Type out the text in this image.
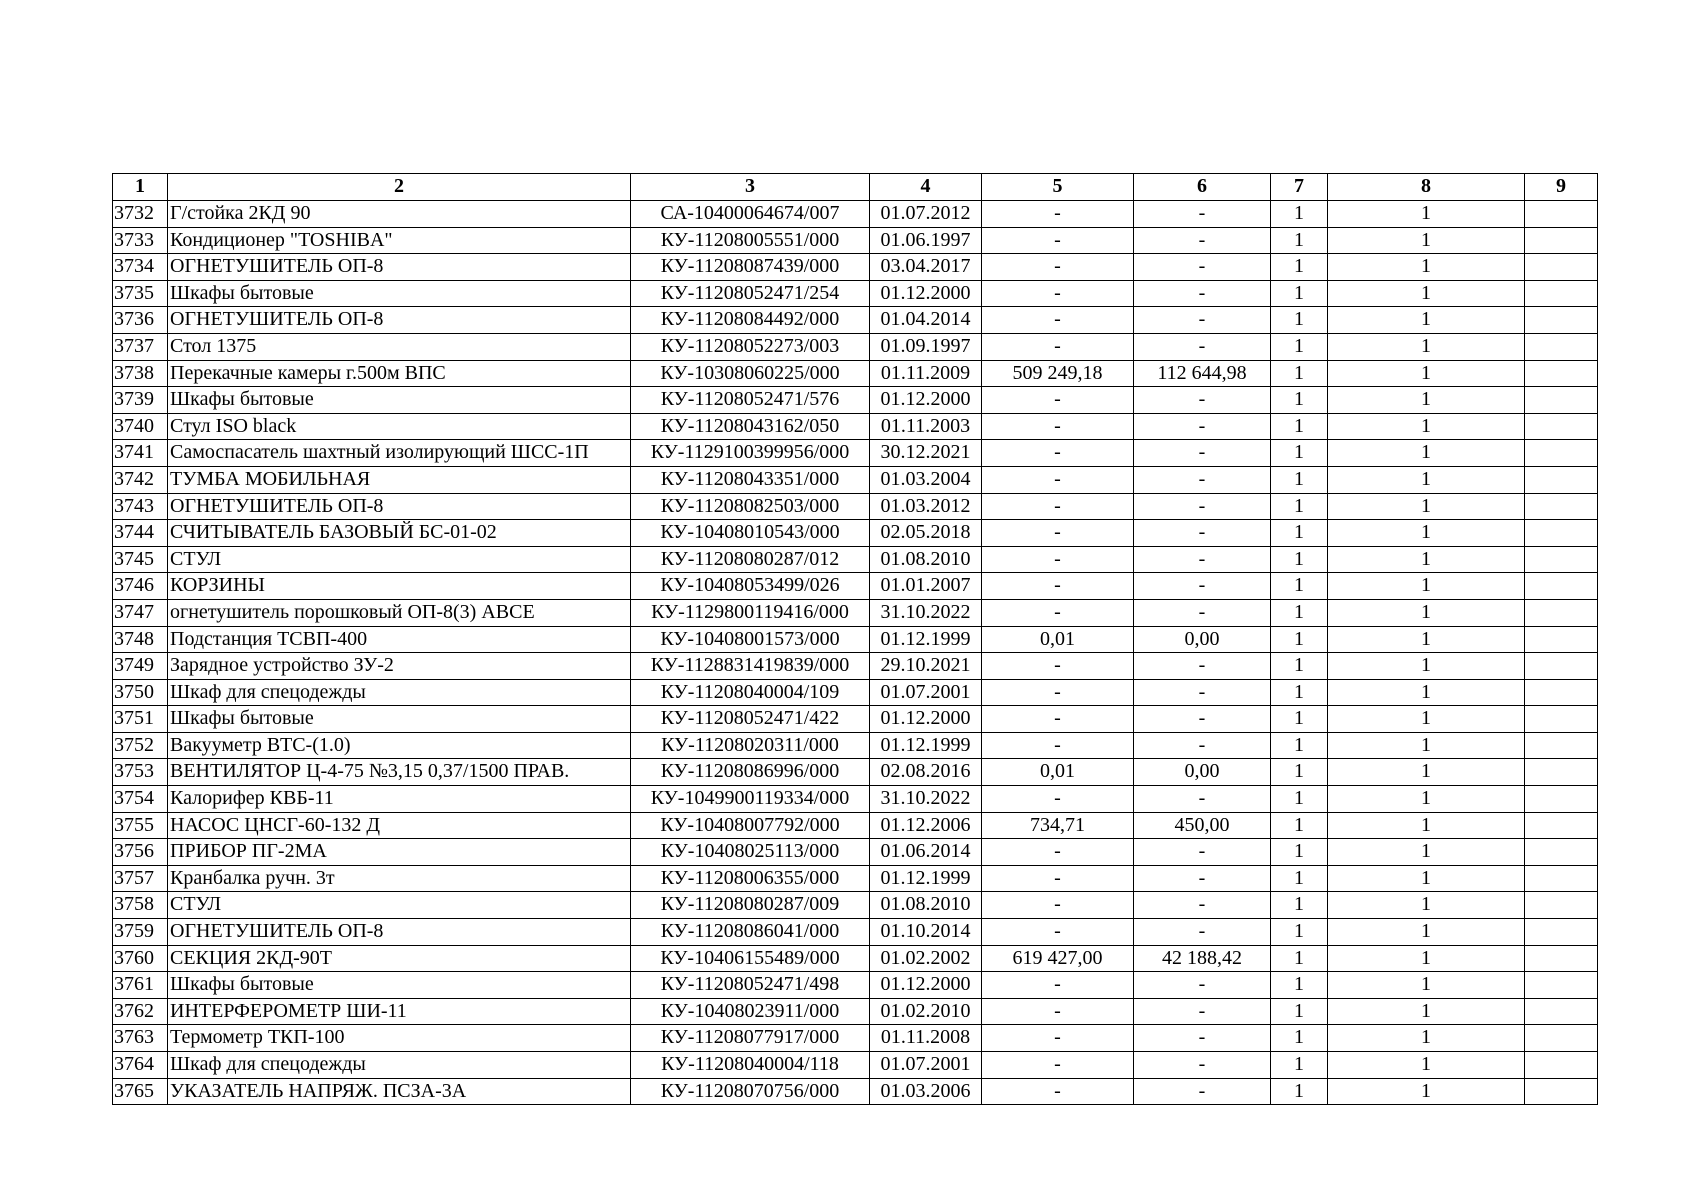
1	2	3	4	5	6	7	8	9
3732	Г/стойка 2КД 90	СА-10400064674/007	01.07.2012	-	-	1	1	
3733	Кондиционер "TOSHIBA"	КУ-11208005551/000	01.06.1997	-	-	1	1	
3734	ОГНЕТУШИТЕЛЬ ОП-8	КУ-11208087439/000	03.04.2017	-	-	1	1	
3735	Шкафы бытовые	КУ-11208052471/254	01.12.2000	-	-	1	1	
3736	ОГНЕТУШИТЕЛЬ ОП-8	КУ-11208084492/000	01.04.2014	-	-	1	1	
3737	Стол 1375	КУ-11208052273/003	01.09.1997	-	-	1	1	
3738	Перекачные камеры г.500м ВПС	КУ-10308060225/000	01.11.2009	509 249,18	112 644,98	1	1	
3739	Шкафы бытовые	КУ-11208052471/576	01.12.2000	-	-	1	1	
3740	Стул ISO black	КУ-11208043162/050	01.11.2003	-	-	1	1	
3741	Самоспасатель шахтный изолирующий ШСС-1П	КУ-1129100399956/000	30.12.2021	-	-	1	1	
3742	ТУМБА МОБИЛЬНАЯ	КУ-11208043351/000	01.03.2004	-	-	1	1	
3743	ОГНЕТУШИТЕЛЬ ОП-8	КУ-11208082503/000	01.03.2012	-	-	1	1	
3744	СЧИТЫВАТЕЛЬ БАЗОВЫЙ БС-01-02	КУ-10408010543/000	02.05.2018	-	-	1	1	
3745	СТУЛ	КУ-11208080287/012	01.08.2010	-	-	1	1	
3746	КОРЗИНЫ	КУ-10408053499/026	01.01.2007	-	-	1	1	
3747	огнетушитель порошковый ОП-8(3) АВСЕ	КУ-1129800119416/000	31.10.2022	-	-	1	1	
3748	Подстанция ТСВП-400	КУ-10408001573/000	01.12.1999	0,01	0,00	1	1	
3749	Зарядное устройство ЗУ-2	КУ-1128831419839/000	29.10.2021	-	-	1	1	
3750	Шкаф для спецодежды	КУ-11208040004/109	01.07.2001	-	-	1	1	
3751	Шкафы бытовые	КУ-11208052471/422	01.12.2000	-	-	1	1	
3752	Вакууметр ВТС-(1.0)	КУ-11208020311/000	01.12.1999	-	-	1	1	
3753	ВЕНТИЛЯТОР Ц-4-75 №3,15 0,37/1500 ПРАВ.	КУ-11208086996/000	02.08.2016	0,01	0,00	1	1	
3754	Калорифер КВБ-11	КУ-1049900119334/000	31.10.2022	-	-	1	1	
3755	НАСОС ЦНСГ-60-132 Д	КУ-10408007792/000	01.12.2006	734,71	450,00	1	1	
3756	ПРИБОР ПГ-2МА	КУ-10408025113/000	01.06.2014	-	-	1	1	
3757	Кранбалка ручн. 3т	КУ-11208006355/000	01.12.1999	-	-	1	1	
3758	СТУЛ	КУ-11208080287/009	01.08.2010	-	-	1	1	
3759	ОГНЕТУШИТЕЛЬ ОП-8	КУ-11208086041/000	01.10.2014	-	-	1	1	
3760	СЕКЦИЯ 2КД-90Т	КУ-10406155489/000	01.02.2002	619 427,00	42 188,42	1	1	
3761	Шкафы бытовые	КУ-11208052471/498	01.12.2000	-	-	1	1	
3762	ИНТЕРФЕРОМЕТР ШИ-11	КУ-10408023911/000	01.02.2010	-	-	1	1	
3763	Термометр ТКП-100	КУ-11208077917/000	01.11.2008	-	-	1	1	
3764	Шкаф для спецодежды	КУ-11208040004/118	01.07.2001	-	-	1	1	
3765	УКАЗАТЕЛЬ НАПРЯЖ. ПСЗА-3А	КУ-11208070756/000	01.03.2006	-	-	1	1	
